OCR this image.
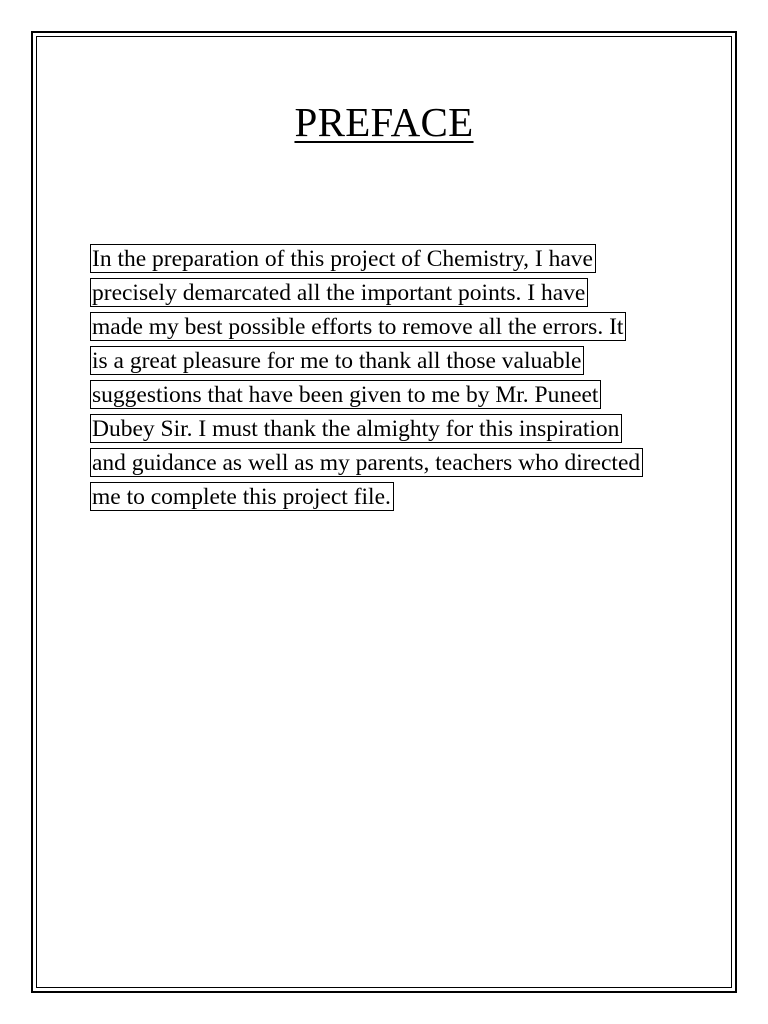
PREFACE
In the preparation of this project of Chemistry, I have
precisely demarcated all the important points. I have
made my best possible efforts to remove all the errors. It
is a great pleasure for me to thank all those valuable
suggestions that have been given to me by Mr. Puneet
Dubey Sir. I must thank the almighty for this inspiration
and guidance as well as my parents, teachers who directed
me to complete this project file.
